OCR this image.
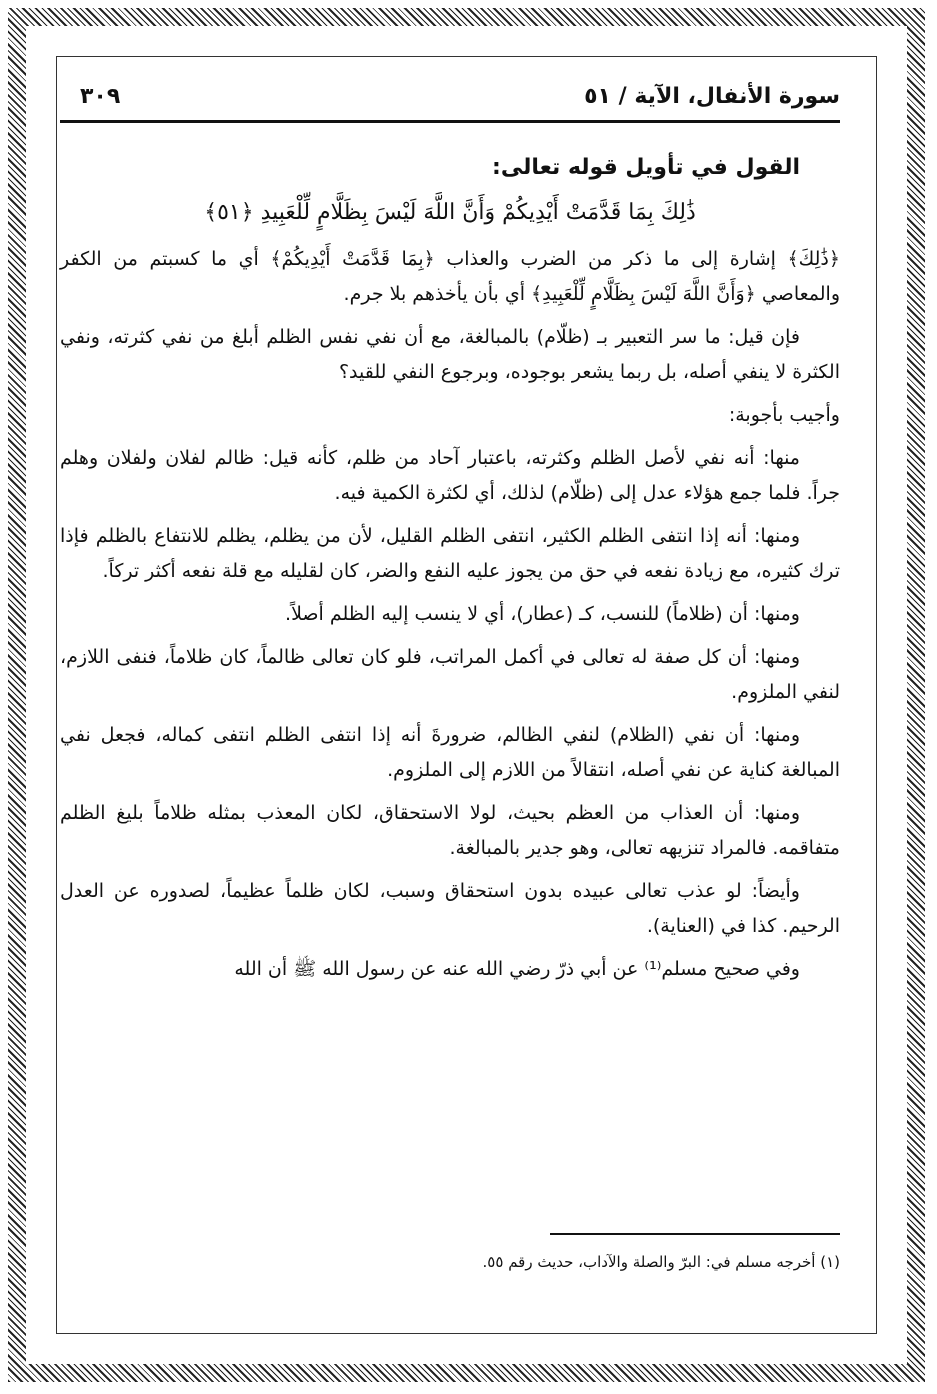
سورة الأنفال، الآية / ٥١
٣٠٩
القول في تأويل قوله تعالى:
ذَٰلِكَ بِمَا قَدَّمَتْ أَيْدِيكُمْ وَأَنَّ اللَّهَ لَيْسَ بِظَلَّامٍ لِّلْعَبِيدِ ﴿٥١﴾

﴿ذَٰلِكَ﴾ إشارة إلى ما ذكر من الضرب والعذاب ﴿بِمَا قَدَّمَتْ أَيْدِيكُمْ﴾ أي ما كسبتم من الكفر والمعاصي ﴿وَأَنَّ اللَّهَ لَيْسَ بِظَلَّامٍ لِّلْعَبِيدِ﴾ أي بأن يأخذهم بلا جرم.

فإن قيل: ما سر التعبير بـ (ظلّام) بالمبالغة، مع أن نفي نفس الظلم أبلغ من نفي كثرته، ونفي الكثرة لا ينفي أصله، بل ربما يشعر بوجوده، وبرجوع النفي للقيد؟

وأجيب بأجوبة:

منها: أنه نفي لأصل الظلم وكثرته، باعتبار آحاد من ظلم، كأنه قيل: ظالم لفلان ولفلان وهلم جراً. فلما جمع هؤلاء عدل إلى (ظلّام) لذلك، أي لكثرة الكمية فيه.

ومنها: أنه إذا انتفى الظلم الكثير، انتفى الظلم القليل، لأن من يظلم، يظلم للانتفاع بالظلم فإذا ترك كثيره، مع زيادة نفعه في حق من يجوز عليه النفع والضر، كان لقليله مع قلة نفعه أكثر تركاً.

ومنها: أن (ظلاماً) للنسب، كـ (عطار)، أي لا ينسب إليه الظلم أصلاً.

ومنها: أن كل صفة له تعالى في أكمل المراتب، فلو كان تعالى ظالماً، كان ظلاماً، فنفى اللازم، لنفي الملزوم.

ومنها: أن نفي (الظلام) لنفي الظالم، ضرورةَ أنه إذا انتفى الظلم انتفى كماله، فجعل نفي المبالغة كناية عن نفي أصله، انتقالاً من اللازم إلى الملزوم.

ومنها: أن العذاب من العظم بحيث، لولا الاستحقاق، لكان المعذب بمثله ظلاماً بليغ الظلم متفاقمه. فالمراد تنزيهه تعالى، وهو جدير بالمبالغة.

وأيضاً: لو عذب تعالى عبيده بدون استحقاق وسبب، لكان ظلماً عظيماً، لصدوره عن العدل الرحيم. كذا في (العناية).

وفي صحيح مسلم⁽¹⁾ عن أبي ذرّ رضي الله عنه عن رسول الله ﷺ أن الله

(١) أخرجه مسلم في: البرّ والصلة والآداب، حديث رقم ٥٥.
